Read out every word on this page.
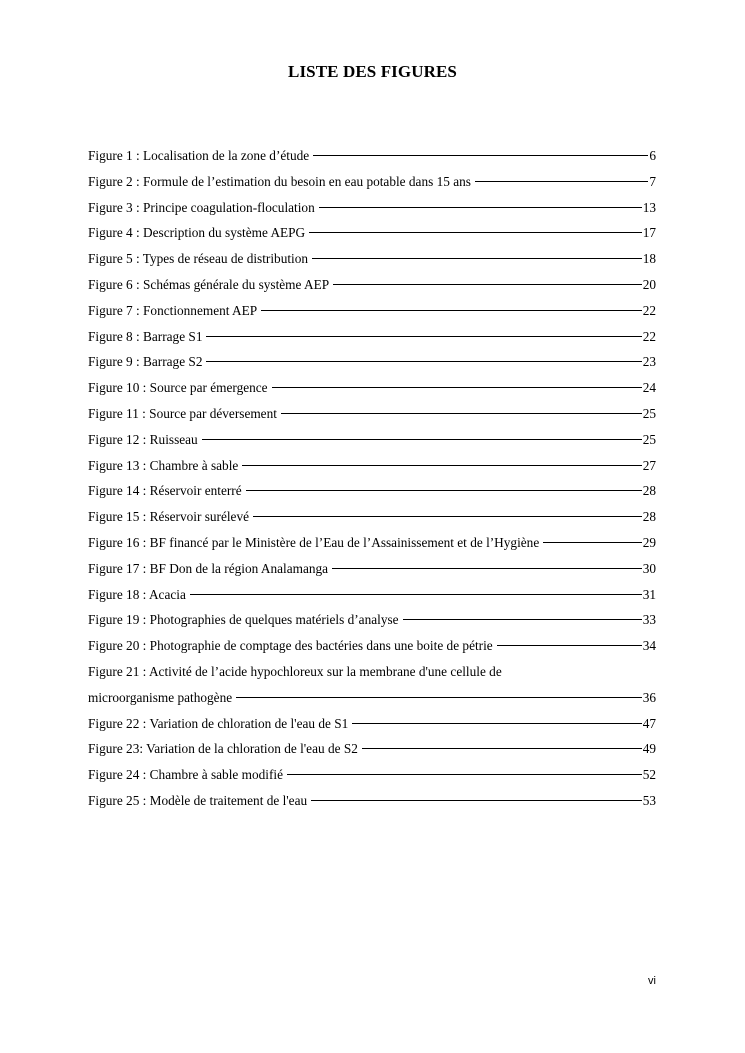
LISTE DES FIGURES
Figure 1 : Localisation de la zone d’étude	6
Figure 2 : Formule de l’estimation du besoin en eau potable dans 15 ans	7
Figure 3 : Principe coagulation-floculation	13
Figure 4 : Description du système AEPG	17
Figure 5 : Types de réseau de distribution	18
Figure 6 : Schémas générale du système AEP	20
Figure 7 : Fonctionnement AEP	22
Figure 8 : Barrage S1	22
Figure 9 : Barrage S2	23
Figure 10 : Source par émergence	24
Figure 11 : Source par déversement	25
Figure 12 : Ruisseau	25
Figure 13 : Chambre à sable	27
Figure 14 : Réservoir enterré	28
Figure 15 : Réservoir surélevé	28
Figure 16 : BF financé par le Ministère de l’Eau de l’Assainissement et de l’Hygiène	29
Figure 17 : BF Don de la région Analamanga	30
Figure 18 : Acacia	31
Figure 19 : Photographies de quelques matériels d’analyse	33
Figure 20 : Photographie de comptage des bactéries dans une boite de pétrie	34
Figure 21 : Activité de l’acide hypochloreux sur la membrane d'une cellule de
microorganisme pathogène	36
Figure 22 : Variation de chloration de l'eau de S1	47
Figure 23: Variation de la chloration de l'eau de S2	49
Figure 24 : Chambre à sable modifié	52
Figure 25 : Modèle de traitement de l'eau	53
vi
